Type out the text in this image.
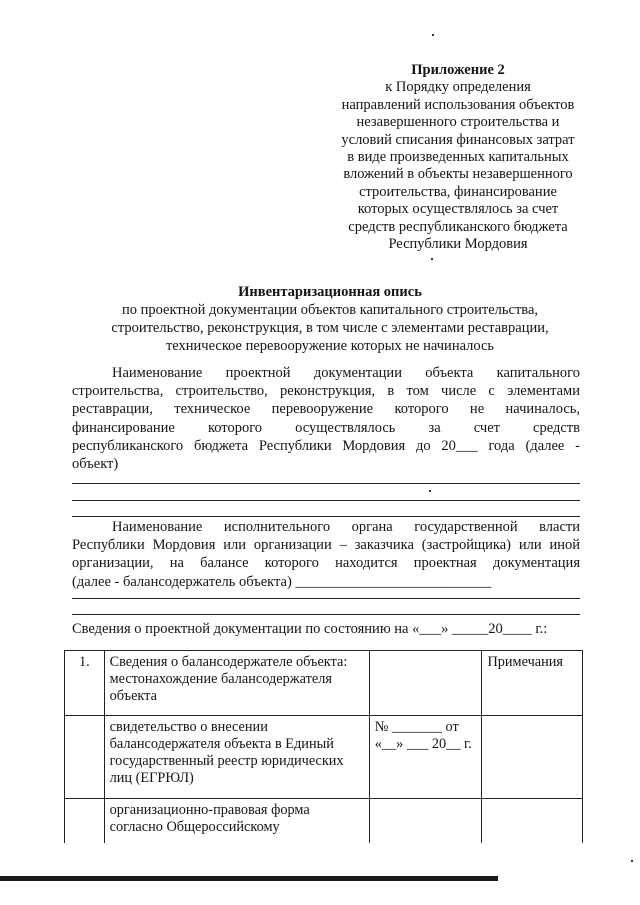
Приложение 2
к Порядку определения
направлений использования объектов
незавершенного строительства и
условий списания финансовых затрат
в виде произведенных капитальных
вложений в объекты незавершенного
строительства, финансирование
которых осуществлялось за счет
средств республиканского бюджета
Республики Мордовия
Инвентаризационная опись
по проектной документации объектов капитального строительства,
строительство, реконструкция, в том числе с элементами реставрации,
техническое перевооружение которых не начиналось
Наименование проектной документации объекта капитального
строительства, строительство, реконструкция, в том числе с элементами
реставрации, техническое перевооружение которого не начиналось,
финансирование которого осуществлялось за счет средств
республиканского бюджета Республики Мордовия до 20___ года (далее -
объект)
Наименование исполнительного органа государственной власти
Республики Мордовия или организации – заказчика (застройщика) или иной
организации, на балансе которого находится проектная документация
(далее - балансодержатель объекта) ___________________________
Сведения о проектной документации по состоянию на «___» _____20____ г.:
1.	Сведения о балансодержателе объекта: местонахождение балансодержателя объекта		Примечания
	свидетельство о внесении балансодержателя объекта в Единый государственный реестр юридических лиц (ЕГРЮЛ)	№ _______ от
«__» ___ 20__ г.	

	организационно-правовая форма согласно Общероссийскому		
